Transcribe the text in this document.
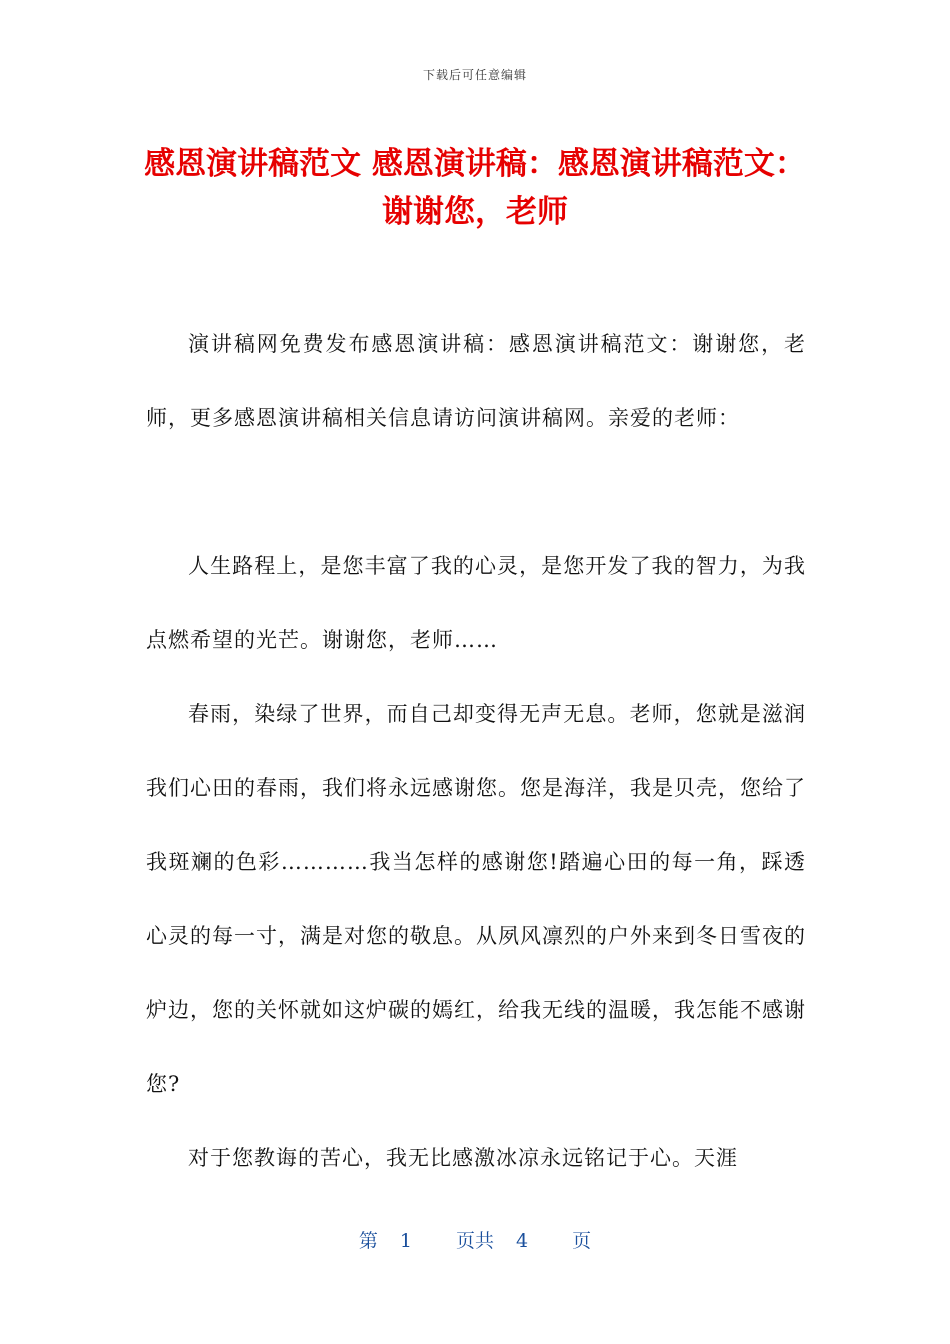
下载后可任意编辑
感恩演讲稿范文 感恩演讲稿：感恩演讲稿范文：谢谢您，老师

演讲稿网免费发布感恩演讲稿：感恩演讲稿范文：谢谢您，老师，更多感恩演讲稿相关信息请访问演讲稿网。亲爱的老师：

人生路程上，是您丰富了我的心灵，是您开发了我的智力，为我点燃希望的光芒。谢谢您，老师……

春雨，染绿了世界，而自己却变得无声无息。老师，您就是滋润我们心田的春雨，我们将永远感谢您。您是海洋，我是贝壳，您给了我斑斓的色彩…………我当怎样的感谢您!踏遍心田的每一角，踩透心灵的每一寸，满是对您的敬息。从夙风凛烈的户外来到冬日雪夜的炉边，您的关怀就如这炉碳的嫣红，给我无线的温暖，我怎能不感谢您?

对于您教诲的苦心，我无比感激冰凉永远铭记于心。天涯

第 1 页共 4 页
